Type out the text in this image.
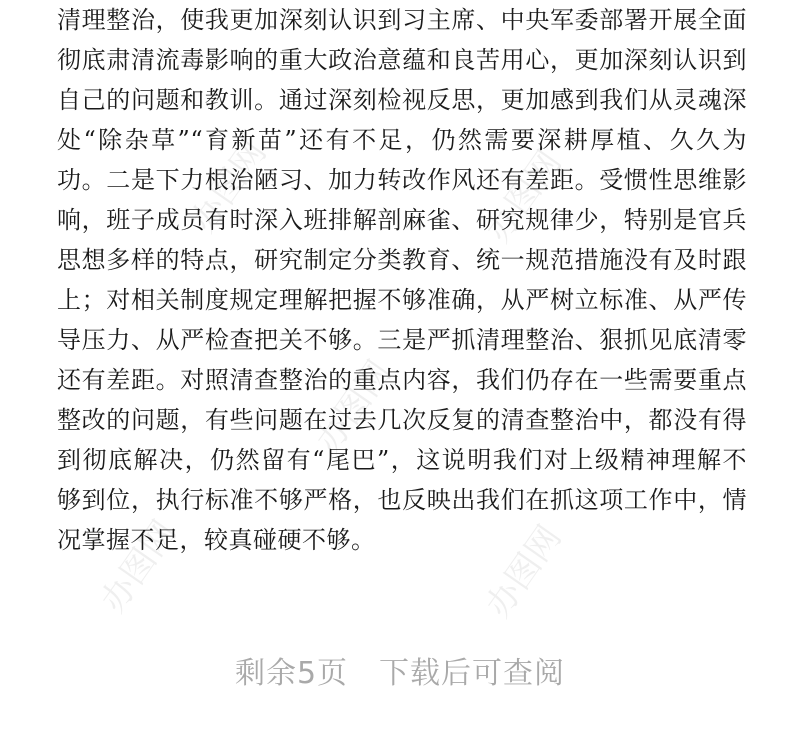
办图网	办图网
办图网
办图网	办图网
清理整治，使我更加深刻认识到习主席、中央军委部署开展全面
彻底肃清流毒影响的重大政治意蕴和良苦用心，更加深刻认识到
自己的问题和教训。通过深刻检视反思，更加感到我们从灵魂深
处“除杂草”“育新苗”还有不足，仍然需要深耕厚植、久久为
功。二是下力根治陋习、加力转改作风还有差距。受惯性思维影
响，班子成员有时深入班排解剖麻雀、研究规律少，特别是官兵
思想多样的特点，研究制定分类教育、统一规范措施没有及时跟
上；对相关制度规定理解把握不够准确，从严树立标准、从严传
导压力、从严检查把关不够。三是严抓清理整治、狠抓见底清零
还有差距。对照清查整治的重点内容，我们仍存在一些需要重点
整改的问题，有些问题在过去几次反复的清查整治中，都没有得
到彻底解决，仍然留有“尾巴”，这说明我们对上级精神理解不
够到位，执行标准不够严格，也反映出我们在抓这项工作中，情
况掌握不足，较真碰硬不够。
剩余5页　下载后可查阅
